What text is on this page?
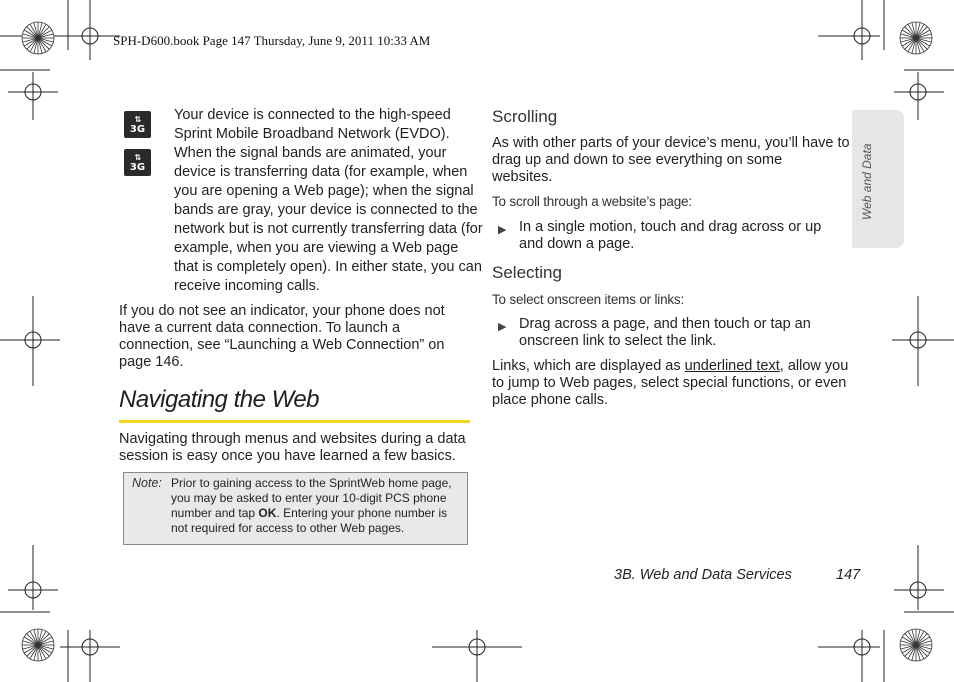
SPH-D600.book Page 147 Thursday, June 9, 2011 10:33 AM
⇅
3G
⇅
3G
Your device is connected to the high-speed
Sprint Mobile Broadband Network (EVDO).
When the signal bands are animated, your
device is transferring data (for example, when
you are opening a Web page); when the signal
bands are gray, your device is connected to the
network but is not currently transferring data (for
example, when you are viewing a Web page
that is completely open). In either state, you can
receive incoming calls.
If you do not see an indicator, your phone does not
have a current data connection. To launch a
connection, see “Launching a Web Connection” on
page 146.
Navigating the Web
Navigating through menus and websites during a data
session is easy once you have learned a few basics.
Note: Prior to gaining access to the SprintWeb home page,
you may be asked to enter your 10-digit PCS phone
number and tap OK. Entering your phone number is
not required for access to other Web pages.
Scrolling
As with other parts of your device’s menu, you’ll have to
drag up and down to see everything on some
websites.
To scroll through a website’s page:
▶ In a single motion, touch and drag across or up
and down a page.
Selecting
To select onscreen items or links:
▶ Drag across a page, and then touch or tap an
onscreen link to select the link.
Links, which are displayed as underlined text, allow you
to jump to Web pages, select special functions, or even
place phone calls.
Web and Data
3B. Web and Data Services	147
